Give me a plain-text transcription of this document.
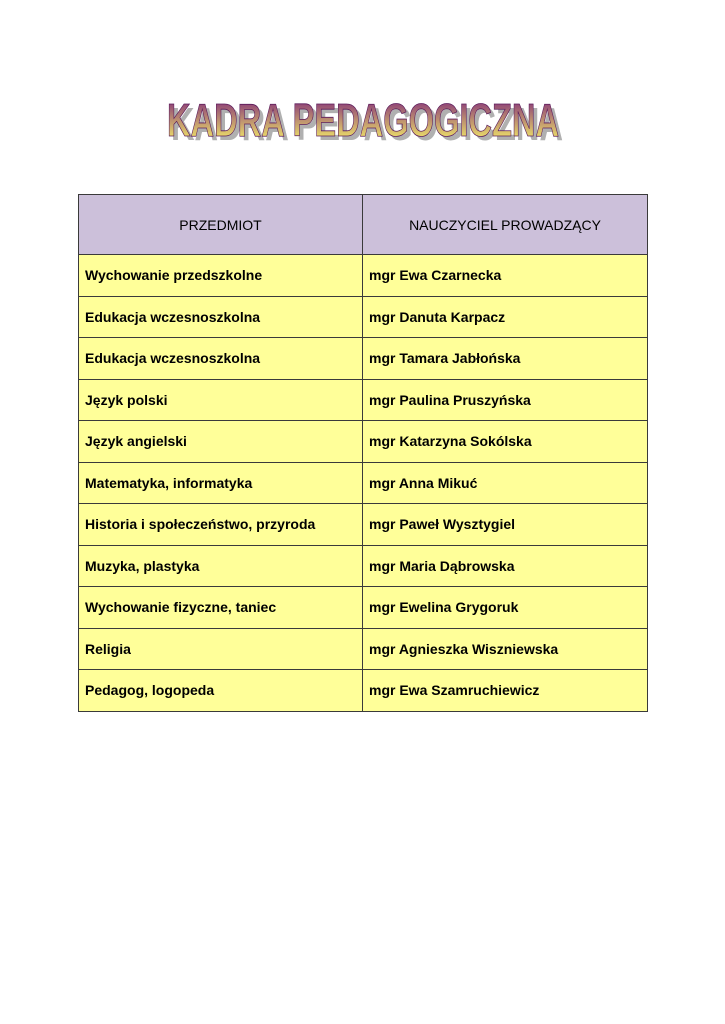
KADRA PEDAGOGICZNA
KADRA PEDAGOGICZNA
PRZEDMIOT	NAUCZYCIEL PROWADZĄCY
Wychowanie przedszkolne	mgr Ewa Czarnecka
Edukacja wczesnoszkolna	mgr Danuta Karpacz
Edukacja wczesnoszkolna	mgr Tamara Jabłońska
Język polski	mgr Paulina Pruszyńska
Język angielski	mgr Katarzyna Sokólska
Matematyka, informatyka	mgr Anna Mikuć
Historia i społeczeństwo, przyroda	mgr Paweł Wysztygiel
Muzyka, plastyka	mgr Maria Dąbrowska
Wychowanie fizyczne, taniec	mgr Ewelina Grygoruk
Religia	mgr Agnieszka Wiszniewska
Pedagog, logopeda	mgr Ewa Szamruchiewicz
